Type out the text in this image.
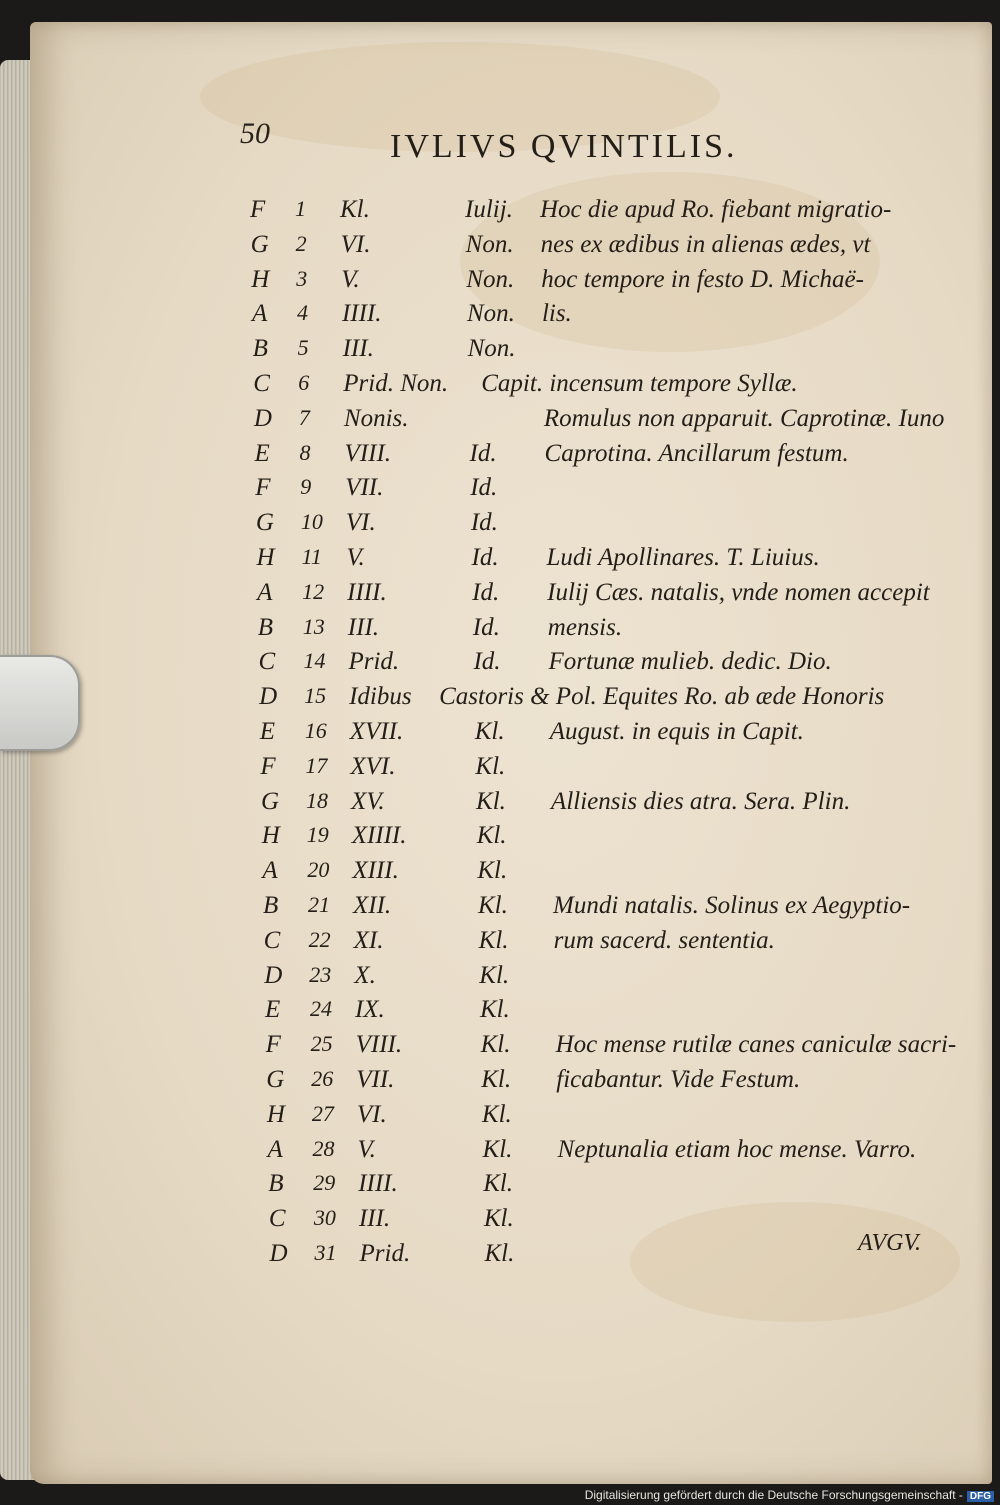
50	IVLIVS QVINTILIS.
F 1 Kl.	Iulij. Hoc die apud Ro. fiebant migratio-
G 2 VI.	Non. nes ex ædibus in alienas ædes, vt
H 3 V.	Non. hoc tempore in festo D. Michaë-
A 4 IIII.	Non. lis.
B 5 III.	Non.
C 6 Prid. Non. Capit. incensum tempore Syllæ.
D 7 Nonis.	Romulus non apparuit. Caprotinæ. Iuno
E 8 VIII.	Id. Caprotina. Ancillarum festum.
F 9 VII.	Id.
G 10 VI.	Id.
H 11 V.	Id. Ludi Apollinares. T. Liuius.
A 12 IIII.	Id. Iulij Cæs. natalis, vnde nomen accepit
B 13 III.	Id. mensis.
C 14 Prid.	Id. Fortunæ mulieb. dedic. Dio.
D 15 Idibus Castoris & Pol. Equites Ro. ab æde Honoris
E 16 XVII.	Kl. August. in equis in Capit.
F 17 XVI.	Kl.
G 18 XV.	Kl. Alliensis dies atra. Sera. Plin.
H 19 XIIII.	Kl.
A 20 XIII.	Kl.
B 21 XII.	Kl. Mundi natalis. Solinus ex Aegyptio-
C 22 XI.	Kl. rum sacerd. sententia.
D 23 X.	Kl.
E 24 IX.	Kl.
F 25 VIII.	Kl. Hoc mense rutilæ canes caniculæ sacri-
G 26 VII.	Kl. ficabantur. Vide Festum.
H 27 VI.	Kl.
A 28 V.	Kl. Neptunalia etiam hoc mense. Varro.
B 29 IIII.	Kl.
C 30 III.	Kl.
D 31 Prid.	Kl.	AVGV.
Digitalisierung gefördert durch die Deutsche Forschungsgemeinschaft - DFG
